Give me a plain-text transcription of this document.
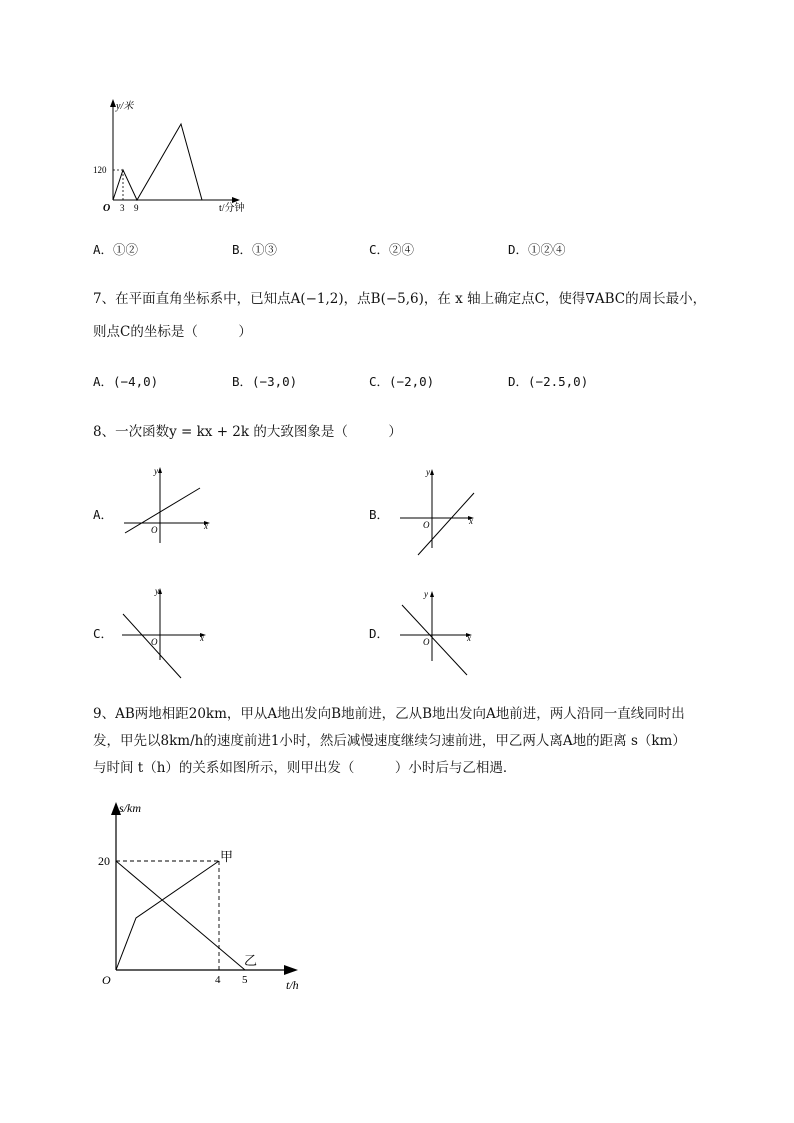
y/米
t/分钟
O
120
3 9
A．①②	B．①③	C．②④	D．①②④
7、在平面直角坐标系中，已知点A(−1,2)，点B(−5,6)，在 x 轴上确定点C，使得∇ABC的周长最小，
则点C的坐标是（　　　）
A．(−4,0)	B．(−3,0)	C．(−2,0)	D．(−2.5,0)
8、一次函数y = kx + 2k 的大致图象是（　　　）
A．
y
x
O
B．
y
x
O
C．
y
x
O
D．
y
x
O
9、AB两地相距20km，甲从A地出发向B地前进，乙从B地出发向A地前进，两人沿同一直线同时出
发，甲先以8km/h的速度前进1小时，然后减慢速度继续匀速前进，甲乙两人离A地的距离 s（km）
与时间 t（h）的关系如图所示，则甲出发（　　　）小时后与乙相遇．
s/km
t/h
O
20
4 5
甲
乙
